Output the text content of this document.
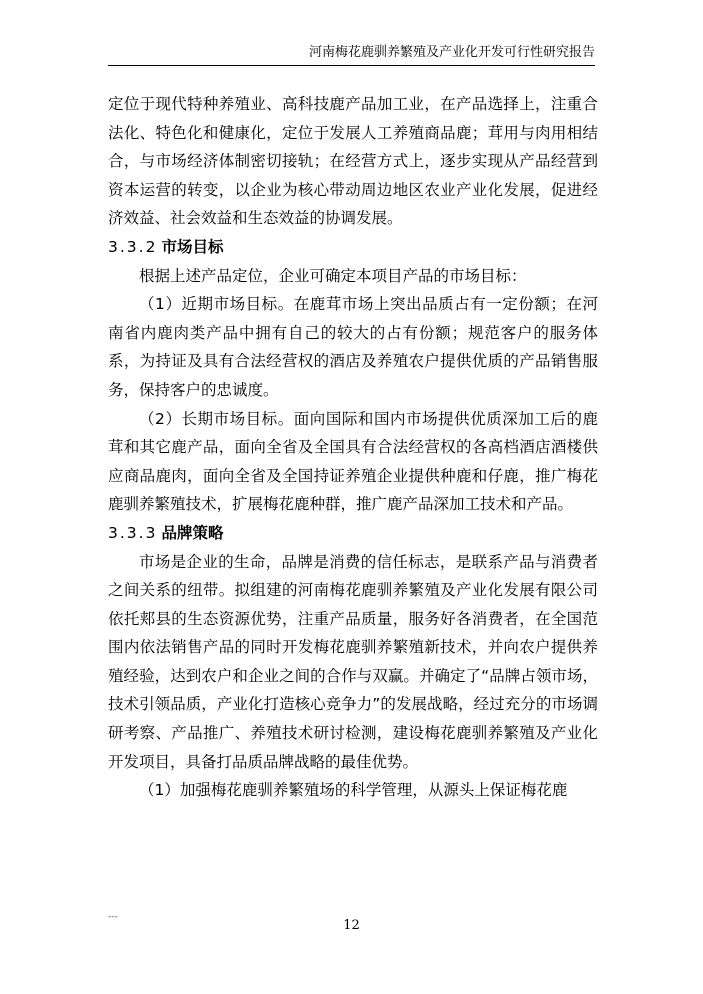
河南梅花鹿驯养繁殖及产业化开发可行性研究报告

定位于现代特种养殖业、高科技鹿产品加工业，在产品选择上，注重合法化、特色化和健康化，定位于发展人工养殖商品鹿；茸用与肉用相结合，与市场经济体制密切接轨；在经营方式上，逐步实现从产品经营到资本运营的转变，以企业为核心带动周边地区农业产业化发展，促进经济效益、社会效益和生态效益的协调发展。

3.3.2 市场目标

根据上述产品定位，企业可确定本项目产品的市场目标：

（1）近期市场目标。在鹿茸市场上突出品质占有一定份额；在河南省内鹿肉类产品中拥有自己的较大的占有份额；规范客户的服务体系，为持证及具有合法经营权的酒店及养殖农户提供优质的产品销售服务，保持客户的忠诚度。

（2）长期市场目标。面向国际和国内市场提供优质深加工后的鹿茸和其它鹿产品，面向全省及全国具有合法经营权的各高档酒店酒楼供应商品鹿肉，面向全省及全国持证养殖企业提供种鹿和仔鹿，推广梅花鹿驯养繁殖技术，扩展梅花鹿种群，推广鹿产品深加工技术和产品。

3.3.3 品牌策略

市场是企业的生命，品牌是消费的信任标志，是联系产品与消费者之间关系的纽带。拟组建的河南梅花鹿驯养繁殖及产业化发展有限公司依托郏县的生态资源优势，注重产品质量，服务好各消费者，在全国范围内依法销售产品的同时开发梅花鹿驯养繁殖新技术，并向农户提供养殖经验，达到农户和企业之间的合作与双赢。并确定了“品牌占领市场，技术引领品质，产业化打造核心竞争力”的发展战略，经过充分的市场调研考察、产品推广、养殖技术研讨检测，建设梅花鹿驯养繁殖及产业化开发项目，具备打品质品牌战略的最佳优势。

（1）加强梅花鹿驯养繁殖场的科学管理，从源头上保证梅花鹿

---
12
